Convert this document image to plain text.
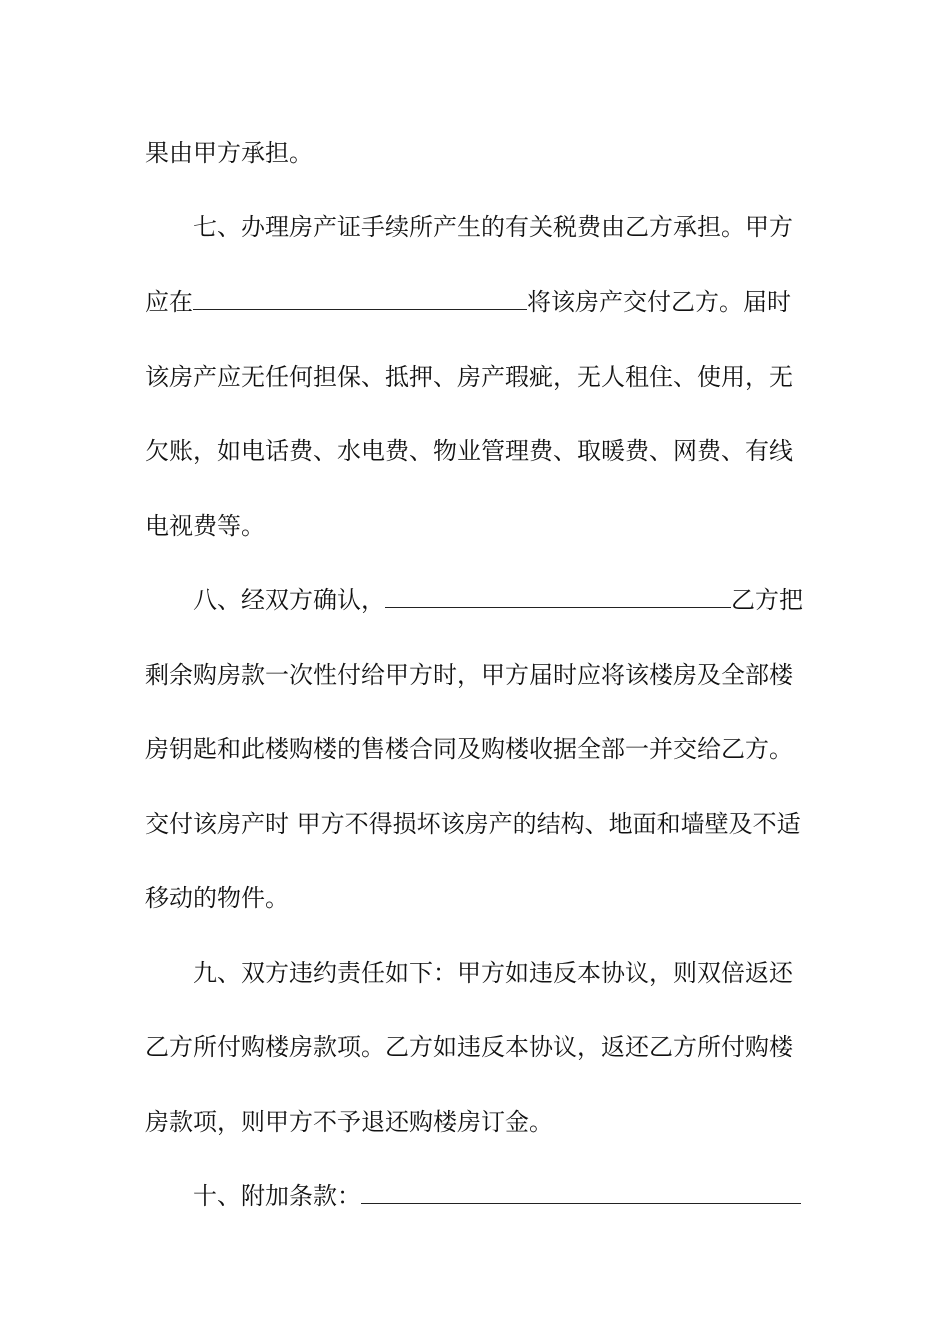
果由甲方承担。
七、办理房产证手续所产生的有关税费由乙方承担。甲方
应在	将该房产交付乙方。届时
该房产应无任何担保、抵押、房产瑕疵，无人租住、使用，无
欠账，如电话费、水电费、物业管理费、取暖费、网费、有线
电视费等。
八、经双方确认，	乙方把
剩余购房款一次性付给甲方时，甲方届时应将该楼房及全部楼
房钥匙和此楼购楼的售楼合同及购楼收据全部一并交给乙方。
交付该房产时 甲方不得损坏该房产的结构、地面和墙壁及不适
移动的物件。
九、双方违约责任如下：甲方如违反本协议，则双倍返还
乙方所付购楼房款项。乙方如违反本协议，返还乙方所付购楼
房款项，则甲方不予退还购楼房订金。
十、附加条款：
